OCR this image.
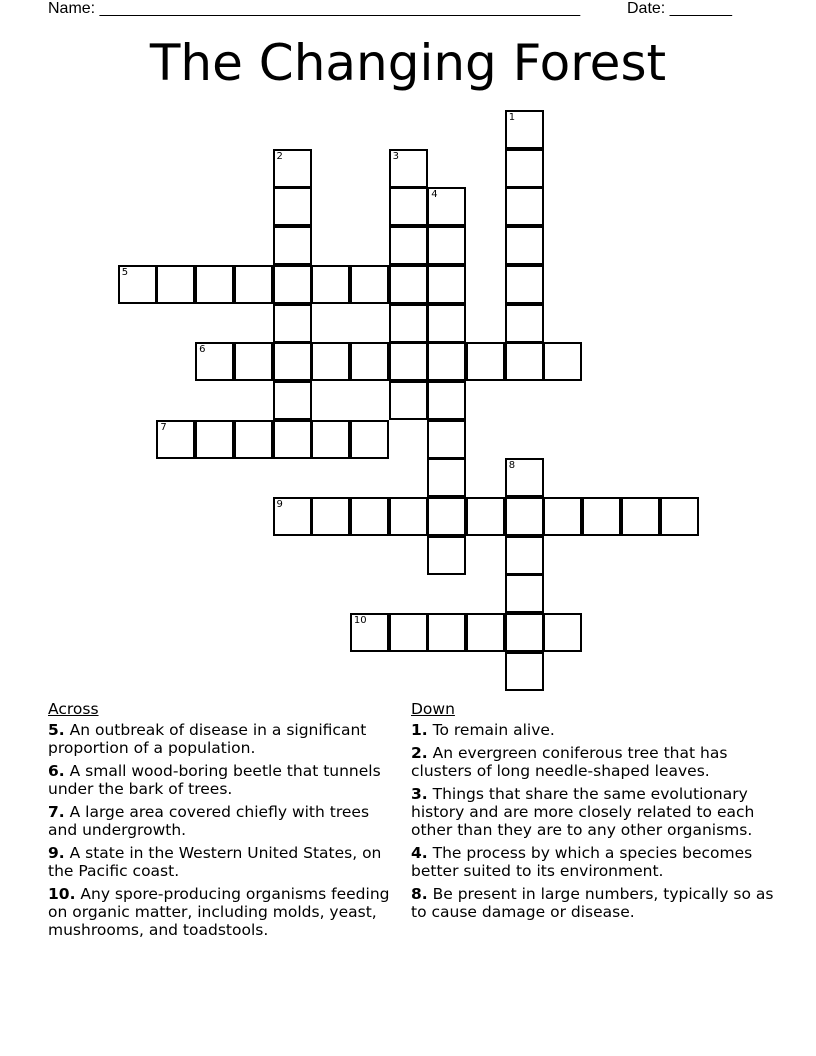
Name: ______________________________________________________	Date: _______
The Changing Forest
1
2	3
4
5
6
7
8
9
10
Across
5. An outbreak of disease in a significant proportion of a population.
6. A small wood-boring beetle that tunnels under the bark of trees.
7. A large area covered chiefly with trees and undergrowth.
9. A state in the Western United States, on the Pacific coast.
10. Any spore-producing organisms feeding on organic matter, including molds, yeast, mushrooms, and toadstools.
Down
1. To remain alive.
2. An evergreen coniferous tree that has clusters of long needle-shaped leaves.
3. Things that share the same evolutionary history and are more closely related to each other than they are to any other organisms.
4. The process by which a species becomes better suited to its environment.
8. Be present in large numbers, typically so as to cause damage or disease.
